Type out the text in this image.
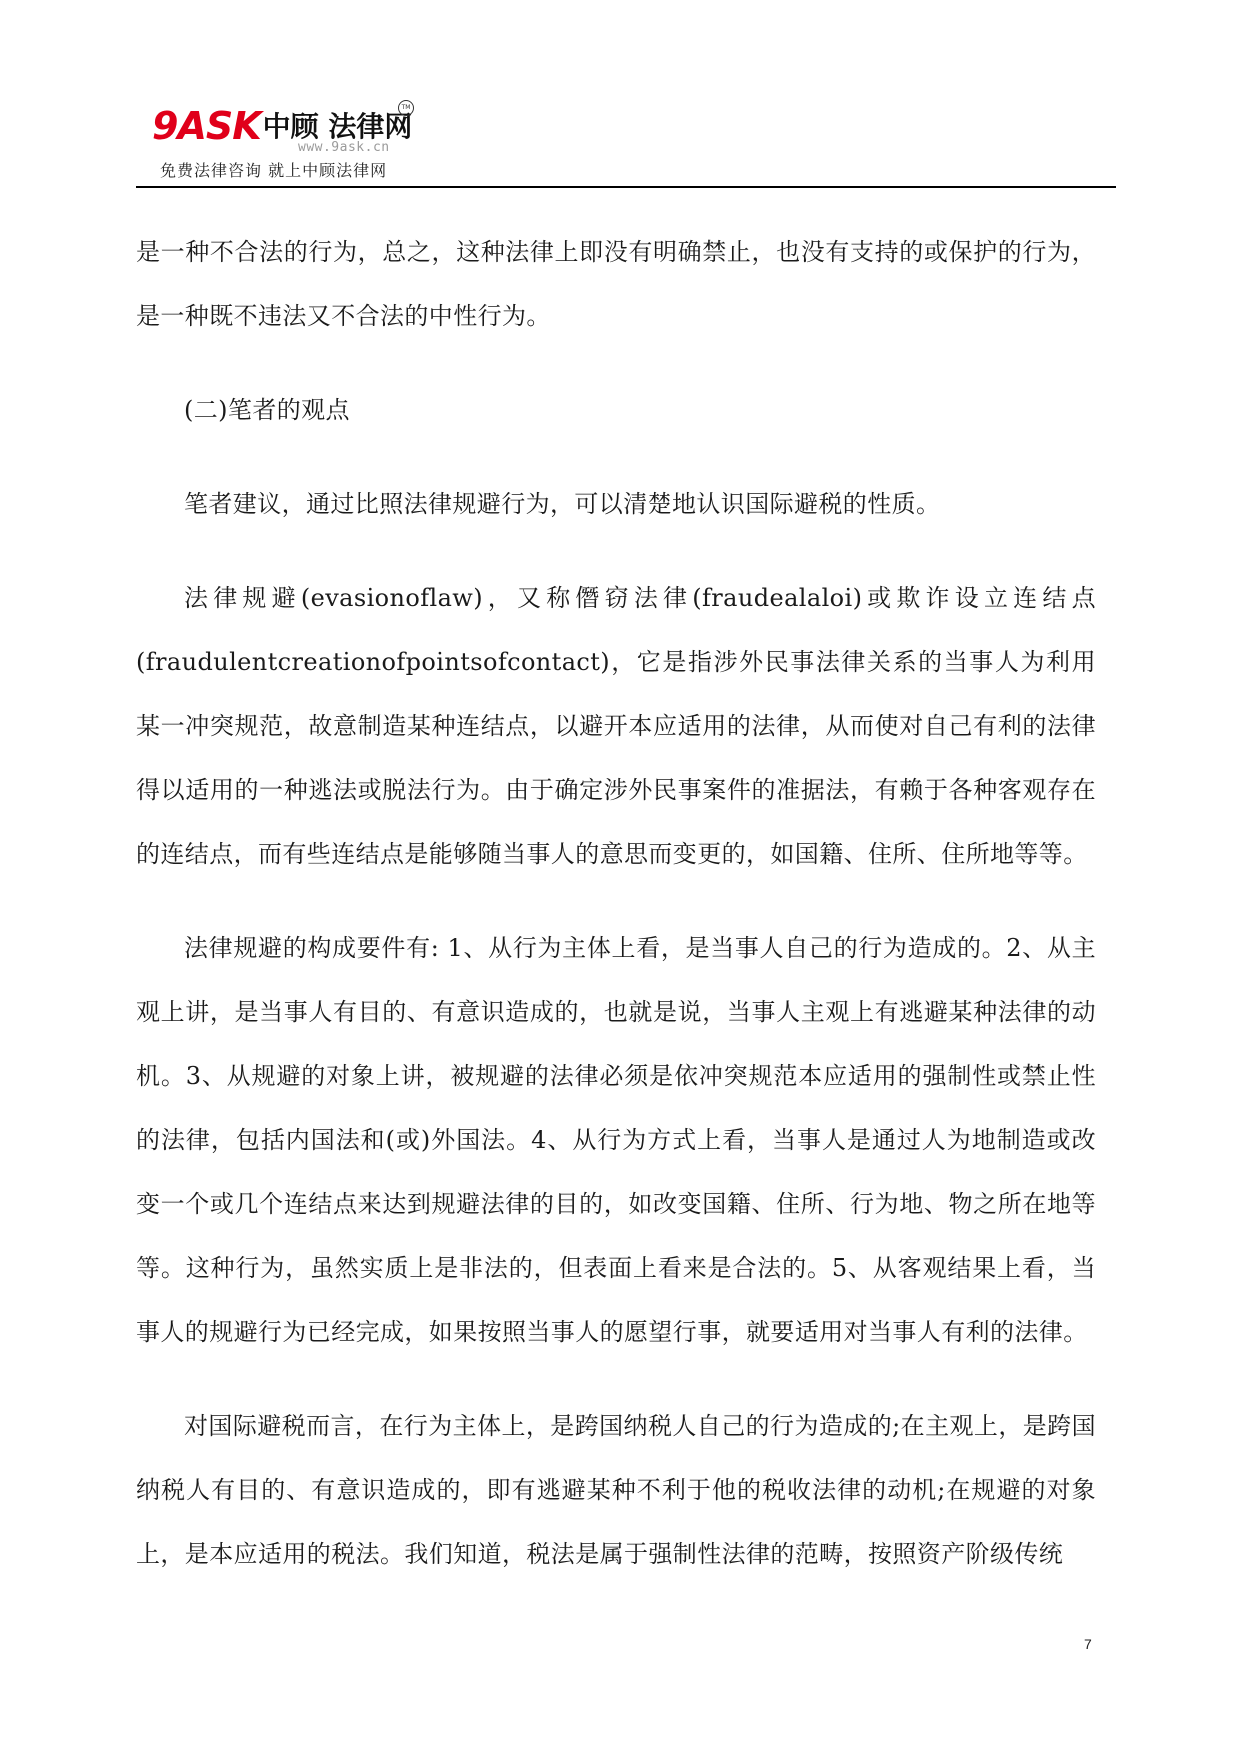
9ASK中顾 法律网
TM
www.9ask.cn
免费法律咨询 就上中顾法律网

是一种不合法的行为，总之，这种法律上即没有明确禁止，也没有支持的或保护的行为，是一种既不违法又不合法的中性行为。

(二)笔者的观点

笔者建议，通过比照法律规避行为，可以清楚地认识国际避税的性质。

法律规避(evasionoflaw)，又称僭窃法律(fraudealaloi)或欺诈设立连结点(fraudulentcreationofpointsofcontact)，它是指涉外民事法律关系的当事人为利用某一冲突规范，故意制造某种连结点，以避开本应适用的法律，从而使对自己有利的法律得以适用的一种逃法或脱法行为。由于确定涉外民事案件的准据法，有赖于各种客观存在的连结点，而有些连结点是能够随当事人的意思而变更的，如国籍、住所、住所地等等。

法律规避的构成要件有: 1、从行为主体上看，是当事人自己的行为造成的。2、从主观上讲，是当事人有目的、有意识造成的，也就是说，当事人主观上有逃避某种法律的动机。3、从规避的对象上讲，被规避的法律必须是依冲突规范本应适用的强制性或禁止性的法律，包括内国法和(或)外国法。4、从行为方式上看，当事人是通过人为地制造或改变一个或几个连结点来达到规避法律的目的，如改变国籍、住所、行为地、物之所在地等等。这种行为，虽然实质上是非法的，但表面上看来是合法的。5、从客观结果上看，当事人的规避行为已经完成，如果按照当事人的愿望行事，就要适用对当事人有利的法律。

对国际避税而言，在行为主体上，是跨国纳税人自己的行为造成的;在主观上，是跨国纳税人有目的、有意识造成的，即有逃避某种不利于他的税收法律的动机;在规避的对象上，是本应适用的税法。我们知道，税法是属于强制性法律的范畴，按照资产阶级传统

7
